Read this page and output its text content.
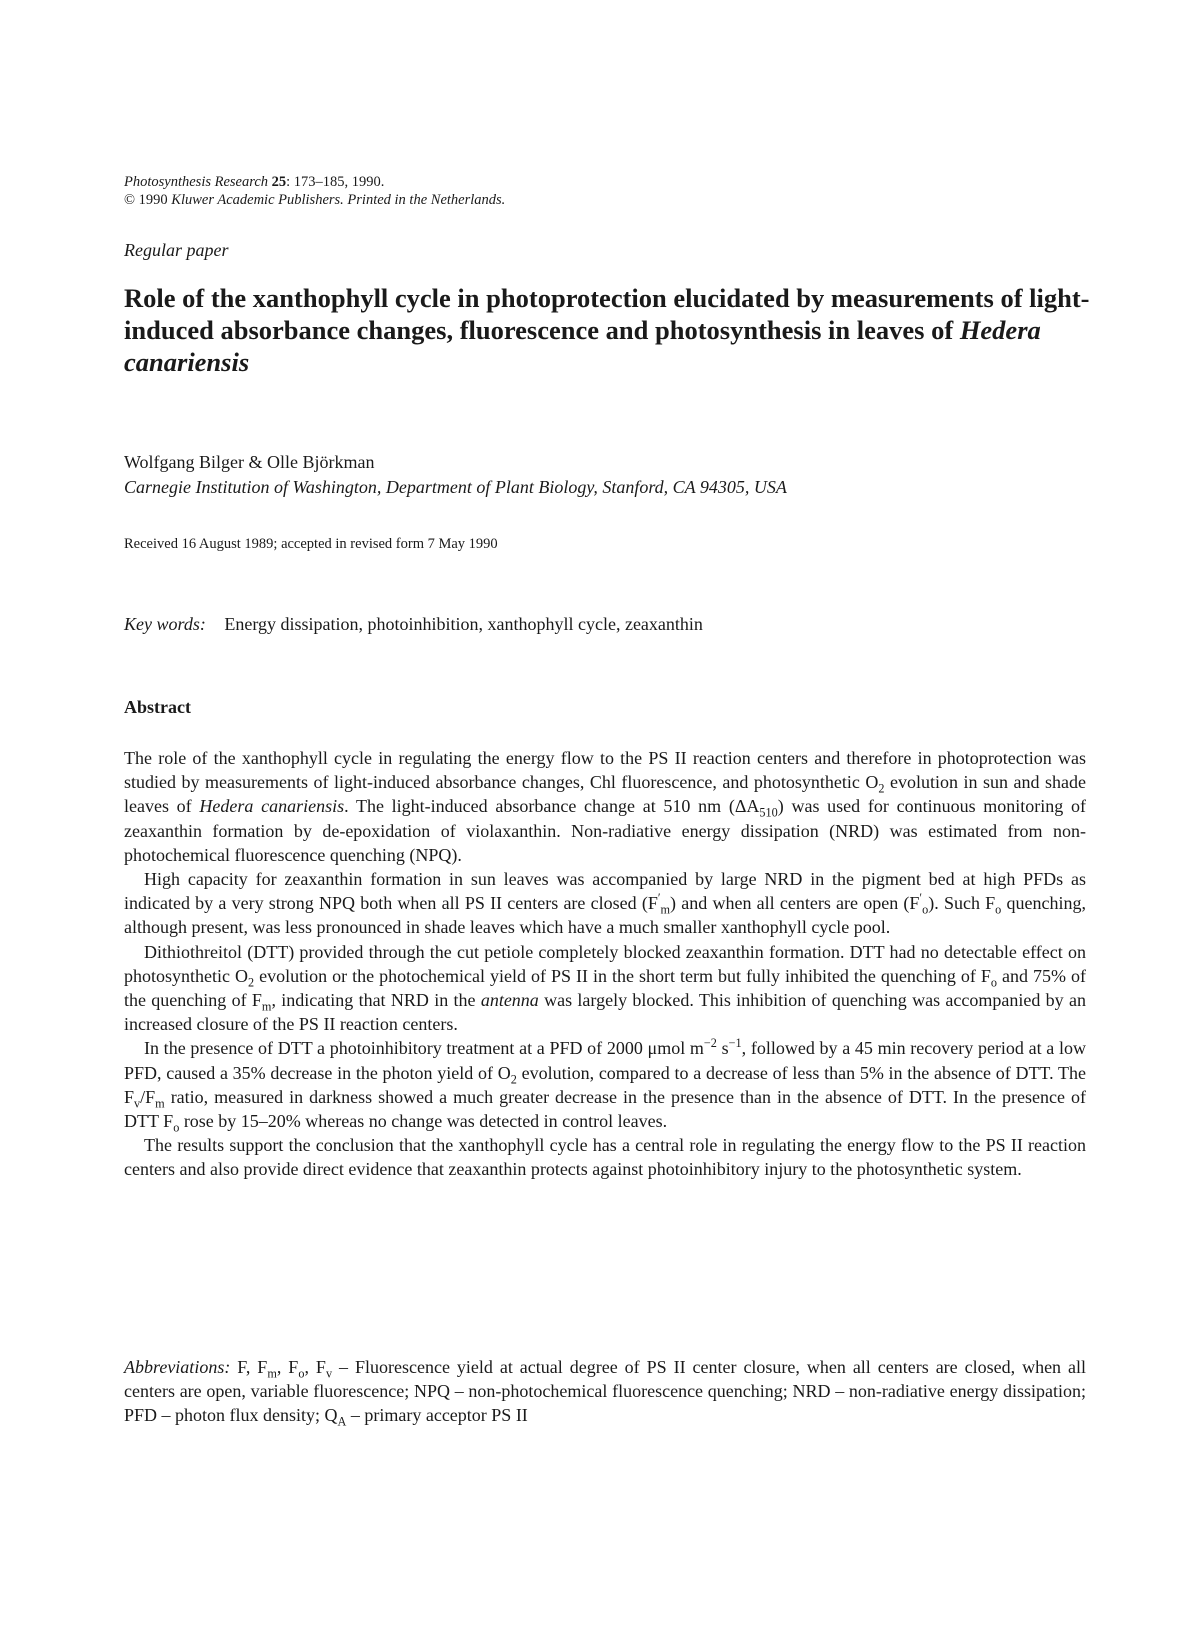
Photosynthesis Research 25: 173–185, 1990.
© 1990 Kluwer Academic Publishers. Printed in the Netherlands.
Regular paper
Role of the xanthophyll cycle in photoprotection elucidated by measurements of light-induced absorbance changes, fluorescence and photosynthesis in leaves of Hedera canariensis
Wolfgang Bilger & Olle Björkman
Carnegie Institution of Washington, Department of Plant Biology, Stanford, CA 94305, USA
Received 16 August 1989; accepted in revised form 7 May 1990
Key words: Energy dissipation, photoinhibition, xanthophyll cycle, zeaxanthin
Abstract

The role of the xanthophyll cycle in regulating the energy flow to the PS II reaction centers and therefore in photoprotection was studied by measurements of light-induced absorbance changes, Chl fluorescence, and photosynthetic $O_2$ evolution in sun and shade leaves of Hedera canariensis. The light-induced absorbance change at 510 nm $(\Delta A_{510})$ was used for continuous monitoring of zeaxanthin formation by de-epoxidation of violaxanthin. Non-radiative energy dissipation (NRD) was estimated from non-photochemical fluorescence quenching (NPQ).

High capacity for zeaxanthin formation in sun leaves was accompanied by large NRD in the pigment bed at high PFDs as indicated by a very strong NPQ both when all PS II centers are closed $(F'_m)$ and when all centers are open $(F'_o)$. Such $F_o$ quenching, although present, was less pronounced in shade leaves which have a much smaller xanthophyll cycle pool.

Dithiothreitol (DTT) provided through the cut petiole completely blocked zeaxanthin formation. DTT had no detectable effect on photosynthetic $O_2$ evolution or the photochemical yield of PS II in the short term but fully inhibited the quenching of $F_o$ and 75% of the quenching of $F_m$, indicating that NRD in the antenna was largely blocked. This inhibition of quenching was accompanied by an increased closure of the PS II reaction centers.

In the presence of DTT a photoinhibitory treatment at a PFD of 2000 μmol $m^{-2}$ $s^{-1}$, followed by a 45 min recovery period at a low PFD, caused a 35% decrease in the photon yield of $O_2$ evolution, compared to a decrease of less than 5% in the absence of DTT. The $F_v/F_m$ ratio, measured in darkness showed a much greater decrease in the presence than in the absence of DTT. In the presence of DTT $F_o$ rose by 15–20% whereas no change was detected in control leaves.

The results support the conclusion that the xanthophyll cycle has a central role in regulating the energy flow to the PS II reaction centers and also provide direct evidence that zeaxanthin protects against photoinhibitory injury to the photosynthetic system.

Abbreviations: F, $F_m$, $F_o$, $F_v$ – Fluorescence yield at actual degree of PS II center closure, when all centers are closed, when all centers are open, variable fluorescence; NPQ – non-photochemical fluorescence quenching; NRD – non-radiative energy dissipation; PFD – photon flux density; $Q_A$ – primary acceptor PS II
